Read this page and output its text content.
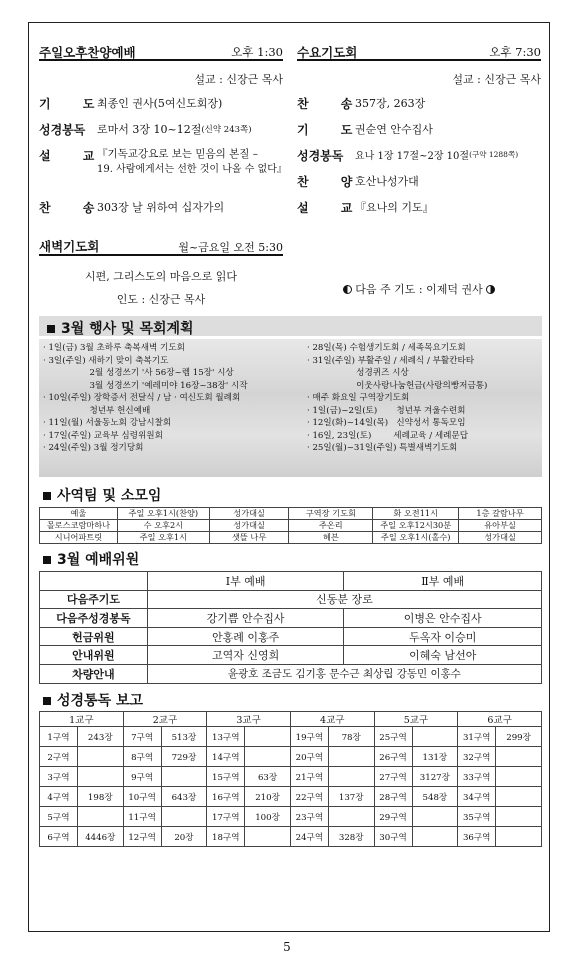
주일오후찬양예배	오후 1:30
설교 : 신장근 목사
기 도
최종인 권사(5여신도회장)
성경봉독	로마서 3장 10~12절 (신약 243쪽)
설 교
『기독교강요로 보는 믿음의 본질 –
19. 사람에게서는 선한 것이 나올 수 없다』
찬 송
303장 날 위하여 십자가의
새벽기도회	월~금요일 오전 5:30
시편, 그리스도의 마음으로 읽다
인도 : 신장근 목사
수요기도회	오후 7:30
설교 : 신장근 목사
찬 송
357장, 263장
기 도
권순연 안수집사
성경봉독	요나 1장 17절~2장 10절 (구약 1288쪽)
찬 양
호산나성가대
설 교
『요나의 기도』
다음 주 기도 : 이제덕 권사
3월 행사 및 목회계획
· 1일(금) 3월 초하루 축복새벽 기도회
· 3일(주일) 새하기 맞이 축복기도
2월 성경쓰기 '사 56장~렘 15장' 시상
3월 성경쓰기 '예레미야 16장~38장' 시작
· 10일(주일) 장학증서 전달식 / 남 · 여신도회 월례회
청년부 헌신예배
· 11일(월) 서울동노회 강남시찰회
· 17일(주일) 교육부 심령위원회
· 24일(주일) 3월 정기당회
· 28일(목) 수험생기도회 / 세족목요기도회
· 31일(주일) 부활주일 / 세례식 / 부활칸타타
성경퀴즈 시상
이웃사랑나눔헌금(사랑의빵저금통)
· 매주 화요일 구역장기도회
· 1일(금)~2일(토)       청년부 겨울수련회
· 12일(화)~14일(목)   신약성서 통독모임
· 16일, 23일(토)        세례교육 / 세례문답
· 25일(월)~31일(주일) 특별새벽기도회
사역팀 및 소모임
예울	주일 오후1시(찬양)	성가대실	구역장 기도회	화 오전11시	1층 갈람나무
몰로스코람마하나	수 오후2시	성가대실	주온리	주일 오후12시30분	유아부실
시니어파트릿	주일 오후1시	샛뜰 나무	혜븐	주일 오후1시(홀수)	성가대실
3월 예배위원
	Ⅰ부 예배	Ⅱ부 예배
다음주기도	신동분 장로	
다음주성경봉독	강기쁨 안수집사	이병은 안수집사
헌금위원	안홍례 이홍주	두옥자 이승미
안내위원	고역자 신영희	이혜숙 남선아
차량안내	윤광호 조금도 김기홍 문수근 최상립 강동민 이홍수	
성경통독 보고
1교구		2교구		3교구		4교구		5교구		6교구	
1구역	243장	7구역	513장	13구역		19구역	78장	25구역		31구역	299장
2구역		8구역	729장	14구역		20구역		26구역	131장	32구역	
3구역		9구역		15구역	63장	21구역		27구역	3127장	33구역	
4구역	198장	10구역	643장	16구역	210장	22구역	137장	28구역	548장	34구역	
5구역		11구역		17구역	100장	23구역		29구역		35구역	
6구역	4446장	12구역	20장	18구역		24구역	328장	30구역		36구역	
5
